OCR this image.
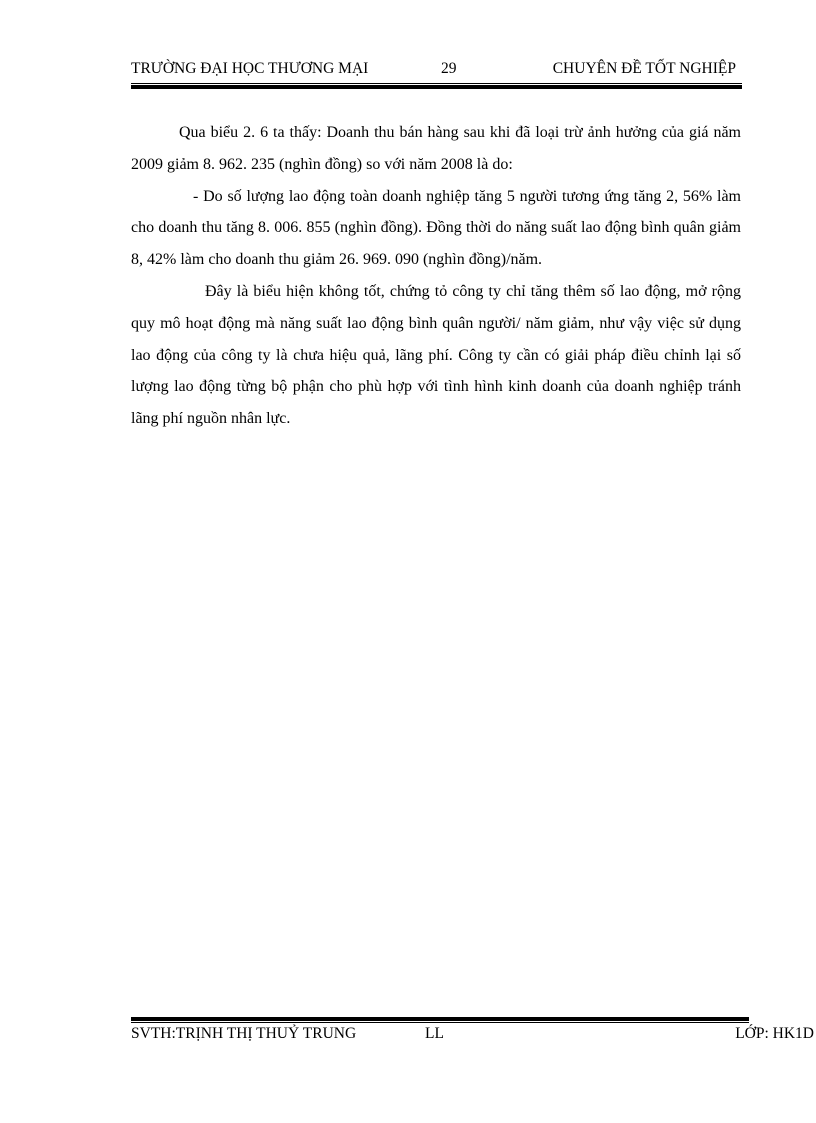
TRƯỜNG ĐẠI HỌC THƯƠNG MẠI	29	CHUYÊN ĐỀ TỐT NGHIỆP

Qua biểu 2. 6 ta thấy: Doanh thu bán hàng sau khi đã loại trừ ảnh hưởng của giá năm 2009 giảm 8. 962. 235 (nghìn đồng) so với năm 2008 là do:

- Do số lượng lao động toàn doanh nghiệp tăng 5 người tương ứng tăng 2, 56% làm cho doanh thu tăng 8. 006. 855 (nghìn đồng). Đồng thời do năng suất lao động bình quân giảm 8, 42% làm cho doanh thu giảm 26. 969. 090 (nghìn đồng)/năm.

Đây là biểu hiện không tốt, chứng tỏ công ty chỉ tăng thêm số lao động, mở rộng quy mô hoạt động mà năng suất lao động bình quân người/ năm giảm, như vậy việc sử dụng lao động của công ty là chưa hiệu quả, lãng phí. Công ty cần có giải pháp điều chỉnh lại số lượng lao động từng bộ phận cho phù hợp với tình hình kinh doanh của doanh nghiệp tránh lãng phí nguồn nhân lực.

SVTH:TRỊNH THỊ THUỶ TRUNG	LL	LỚP: HK1D
